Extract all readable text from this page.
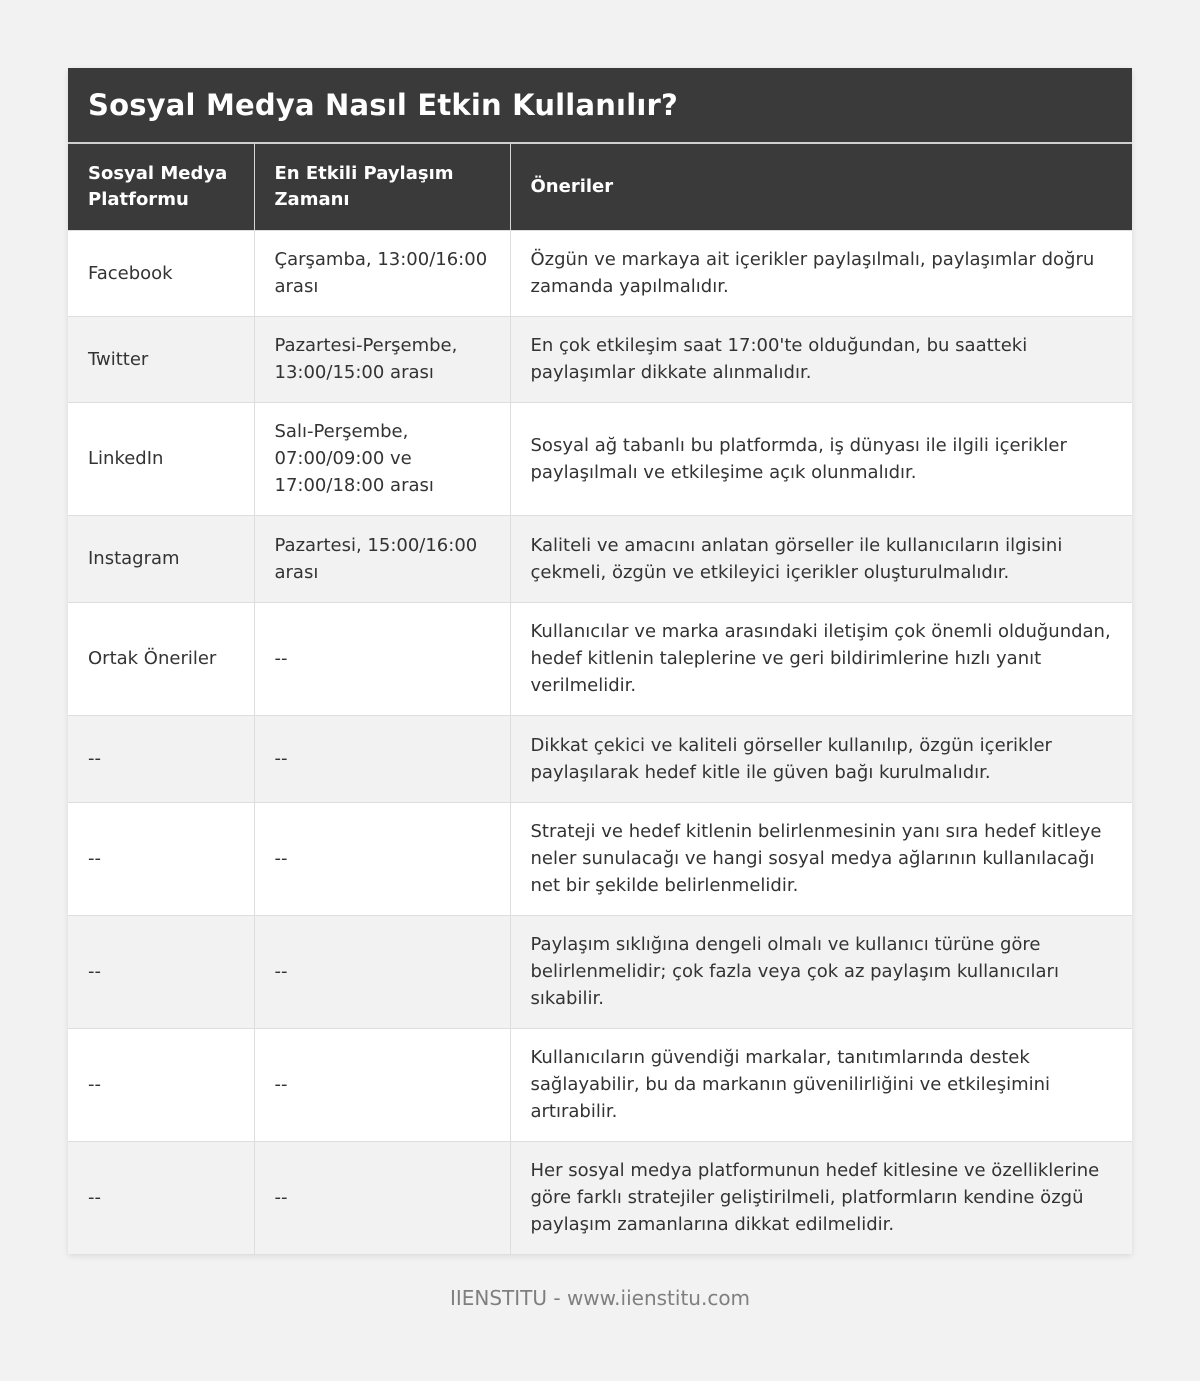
Sosyal Medya Nasıl Etkin Kullanılır?
Sosyal Medya Platformu	En Etkili Paylaşım Zamanı	Öneriler
Facebook	Çarşamba, 13:00/16:00 arası	Özgün ve markaya ait içerikler paylaşılmalı, paylaşımlar doğru zamanda yapılmalıdır.
Twitter	Pazartesi-Perşembe, 13:00/15:00 arası	En çok etkileşim saat 17:00'te olduğundan, bu saatteki paylaşımlar dikkate alınmalıdır.
LinkedIn	Salı-Perşembe, 07:00/09:00 ve 17:00/18:00 arası	Sosyal ağ tabanlı bu platformda, iş dünyası ile ilgili içerikler paylaşılmalı ve etkileşime açık olunmalıdır.
Instagram	Pazartesi, 15:00/16:00 arası	Kaliteli ve amacını anlatan görseller ile kullanıcıların ilgisini çekmeli, özgün ve etkileyici içerikler oluşturulmalıdır.
Ortak Öneriler	--	Kullanıcılar ve marka arasındaki iletişim çok önemli olduğundan, hedef kitlenin taleplerine ve geri bildirimlerine hızlı yanıt verilmelidir.
--	--	Dikkat çekici ve kaliteli görseller kullanılıp, özgün içerikler paylaşılarak hedef kitle ile güven bağı kurulmalıdır.
--	--	Strateji ve hedef kitlenin belirlenmesinin yanı sıra hedef kitleye neler sunulacağı ve hangi sosyal medya ağlarının kullanılacağı net bir şekilde belirlenmelidir.
--	--	Paylaşım sıklığına dengeli olmalı ve kullanıcı türüne göre belirlenmelidir; çok fazla veya çok az paylaşım kullanıcıları sıkabilir.
--	--	Kullanıcıların güvendiği markalar, tanıtımlarında destek sağlayabilir, bu da markanın güvenilirliğini ve etkileşimini artırabilir.
--	--	Her sosyal medya platformunun hedef kitlesine ve özelliklerine göre farklı stratejiler geliştirilmeli, platformların kendine özgü paylaşım zamanlarına dikkat edilmelidir.
IIENSTITU - www.iienstitu.com
